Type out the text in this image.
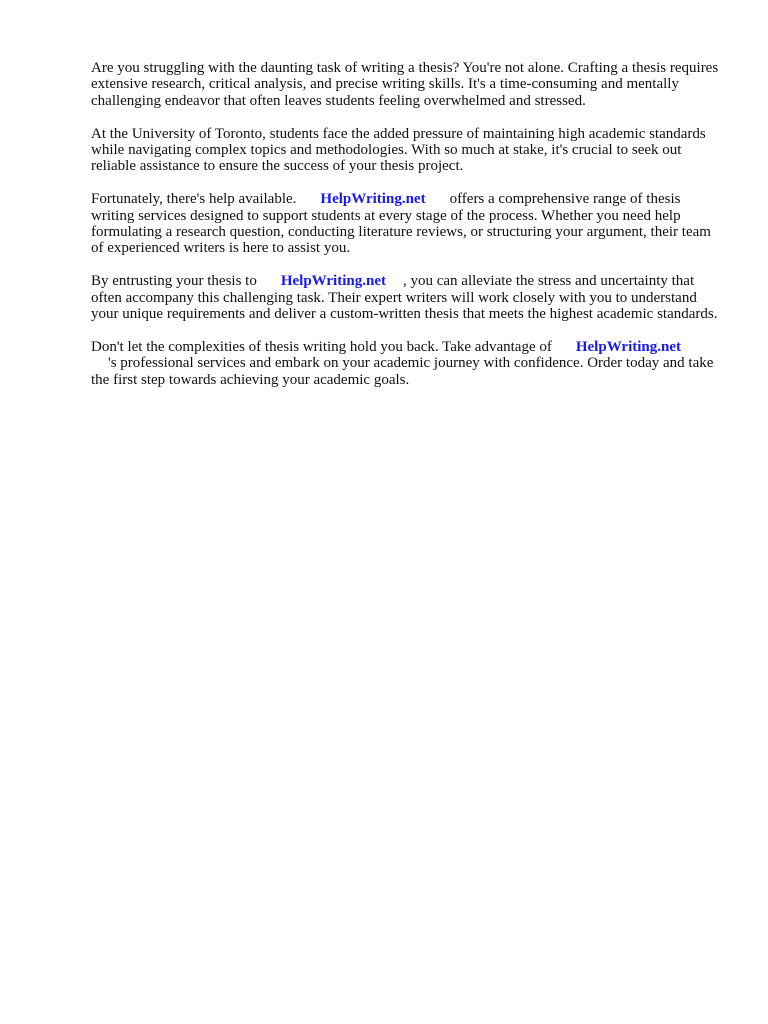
Are you struggling with the daunting task of writing a thesis? You're not alone. Crafting a thesis requires extensive research, critical analysis, and precise writing skills. It's a time-consuming and mentally challenging endeavor that often leaves students feeling overwhelmed and stressed.

At the University of Toronto, students face the added pressure of maintaining high academic standards while navigating complex topics and methodologies. With so much at stake, it's crucial to seek out reliable assistance to ensure the success of your thesis project.

Fortunately, there's help available. HelpWriting.net offers a comprehensive range of thesis writing services designed to support students at every stage of the process. Whether you need help formulating a research question, conducting literature reviews, or structuring your argument, their team of experienced writers is here to assist you.

By entrusting your thesis to HelpWriting.net , you can alleviate the stress and uncertainty that often accompany this challenging task. Their expert writers will work closely with you to understand your unique requirements and deliver a custom-written thesis that meets the highest academic standards.

Don't let the complexities of thesis writing hold you back. Take advantage of HelpWriting.net
's professional services and embark on your academic journey with confidence. Order today and take the first step towards achieving your academic goals.
